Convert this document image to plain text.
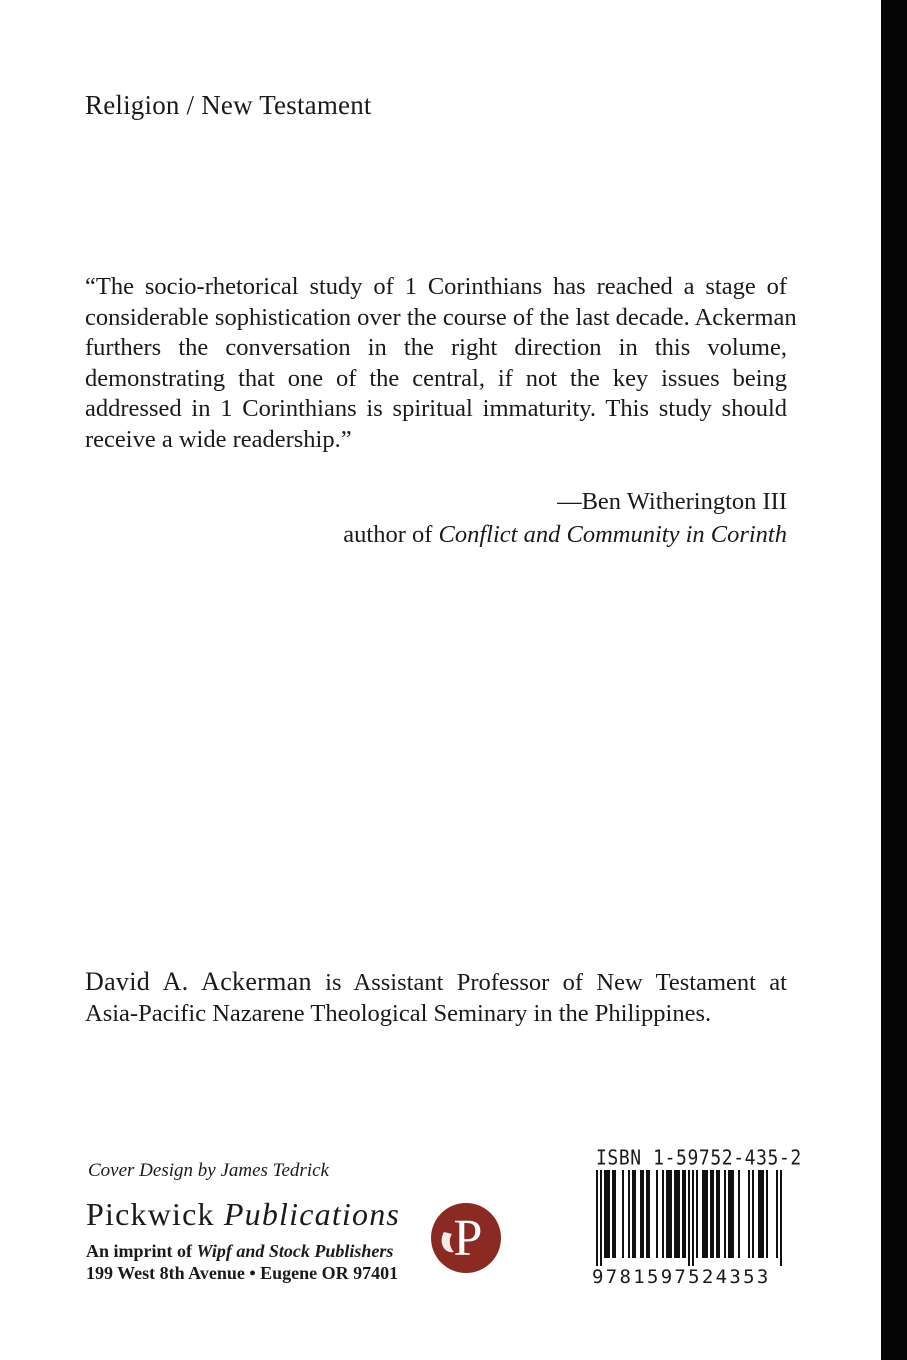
Religion / New Testament
“The socio-rhetorical study of 1 Corinthians has reached a stage of
considerable sophistication over the course of the last decade. Ackerman
furthers the conversation in the right direction in this volume,
demonstrating that one of the central, if not the key issues being
addressed in 1 Corinthians is spiritual immaturity. This study should
receive a wide readership.”
—Ben Witherington III
author of Conflict and Community in Corinth
David A. Ackerman is Assistant Professor of New Testament at
Asia-Pacific Nazarene Theological Seminary in the Philippines.
Cover Design by James Tedrick
Pickwick Publications
An imprint of Wipf and Stock Publishers
199 West 8th Avenue • Eugene OR 97401
P
ISBN 1-59752-435-2
9781597524353
